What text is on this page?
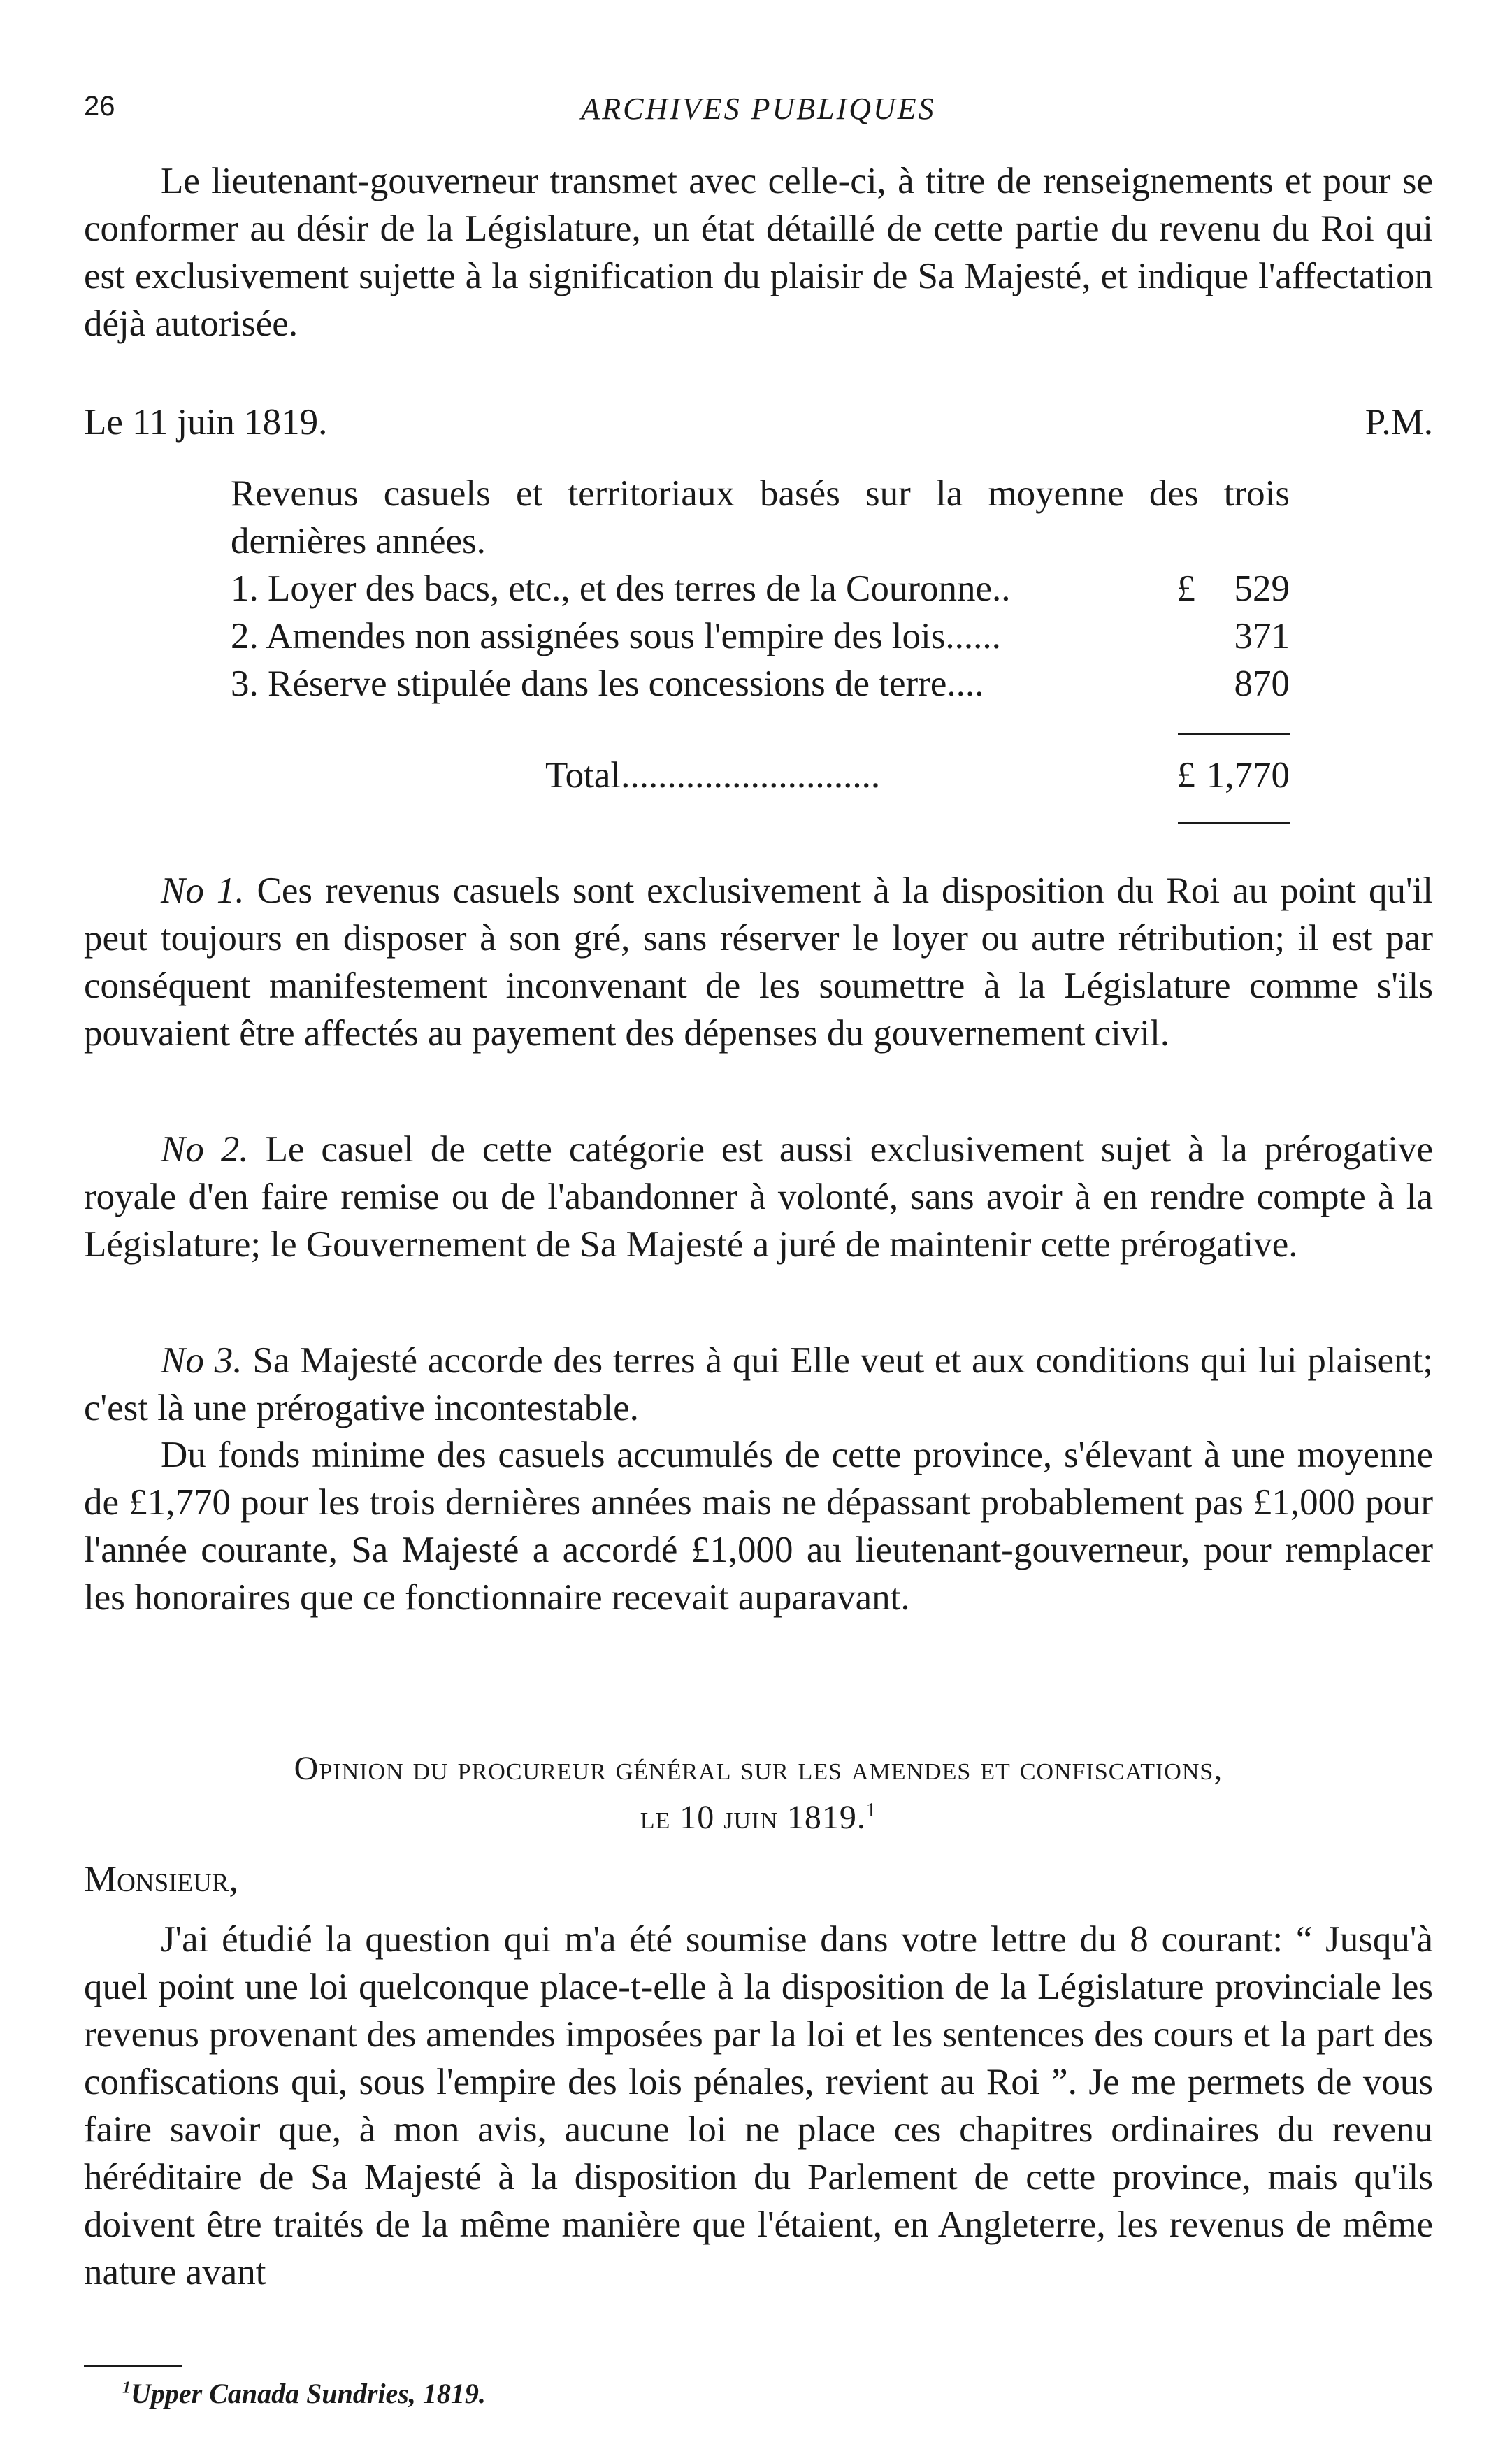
26	ARCHIVES PUBLIQUES

Le lieutenant-gouverneur transmet avec celle-ci, à titre de renseignements et pour se conformer au désir de la Législature, un état détaillé de cette partie du revenu du Roi qui est exclusivement sujette à la signification du plaisir de Sa Majesté, et indique l'affectation déjà autorisée.

Le 11 juin 1819.	P.M.
Revenus casuels et territoriaux basés sur la moyenne des trois dernières années.
1. Loyer des bacs, etc., et des terres de la Couronne..	£ 529
2. Amendes non assignées sous l'empire des lois......	371
3. Réserve stipulée dans les concessions de terre....	870
Total............................	£ 1,770

No 1. Ces revenus casuels sont exclusivement à la disposition du Roi au point qu'il peut toujours en disposer à son gré, sans réserver le loyer ou autre rétribution; il est par conséquent manifestement inconvenant de les soumettre à la Législature comme s'ils pouvaient être affectés au payement des dépenses du gouvernement civil.

No 2. Le casuel de cette catégorie est aussi exclusivement sujet à la prérogative royale d'en faire remise ou de l'abandonner à volonté, sans avoir à en rendre compte à la Législature; le Gouvernement de Sa Majesté a juré de maintenir cette prérogative.

No 3. Sa Majesté accorde des terres à qui Elle veut et aux conditions qui lui plaisent; c'est là une prérogative incontestable.

Du fonds minime des casuels accumulés de cette province, s'élevant à une moyenne de £1,770 pour les trois dernières années mais ne dépassant probablement pas £1,000 pour l'année courante, Sa Majesté a accordé £1,000 au lieutenant-gouverneur, pour remplacer les honoraires que ce fonctionnaire recevait auparavant.

Opinion du procureur général sur les amendes et confiscations,
le 10 juin 1819.$^1$
Monsieur,

J'ai étudié la question qui m'a été soumise dans votre lettre du 8 courant: “ Jusqu'à quel point une loi quelconque place-t-elle à la disposition de la Législature provinciale les revenus provenant des amendes imposées par la loi et les sentences des cours et la part des confiscations qui, sous l'empire des lois pénales, revient au Roi ”. Je me permets de vous faire savoir que, à mon avis, aucune loi ne place ces chapitres ordinaires du revenu héréditaire de Sa Majesté à la disposition du Parlement de cette province, mais qu'ils doivent être traités de la même manière que l'étaient, en Angleterre, les revenus de même nature avant

$^1$Upper Canada Sundries, 1819.
